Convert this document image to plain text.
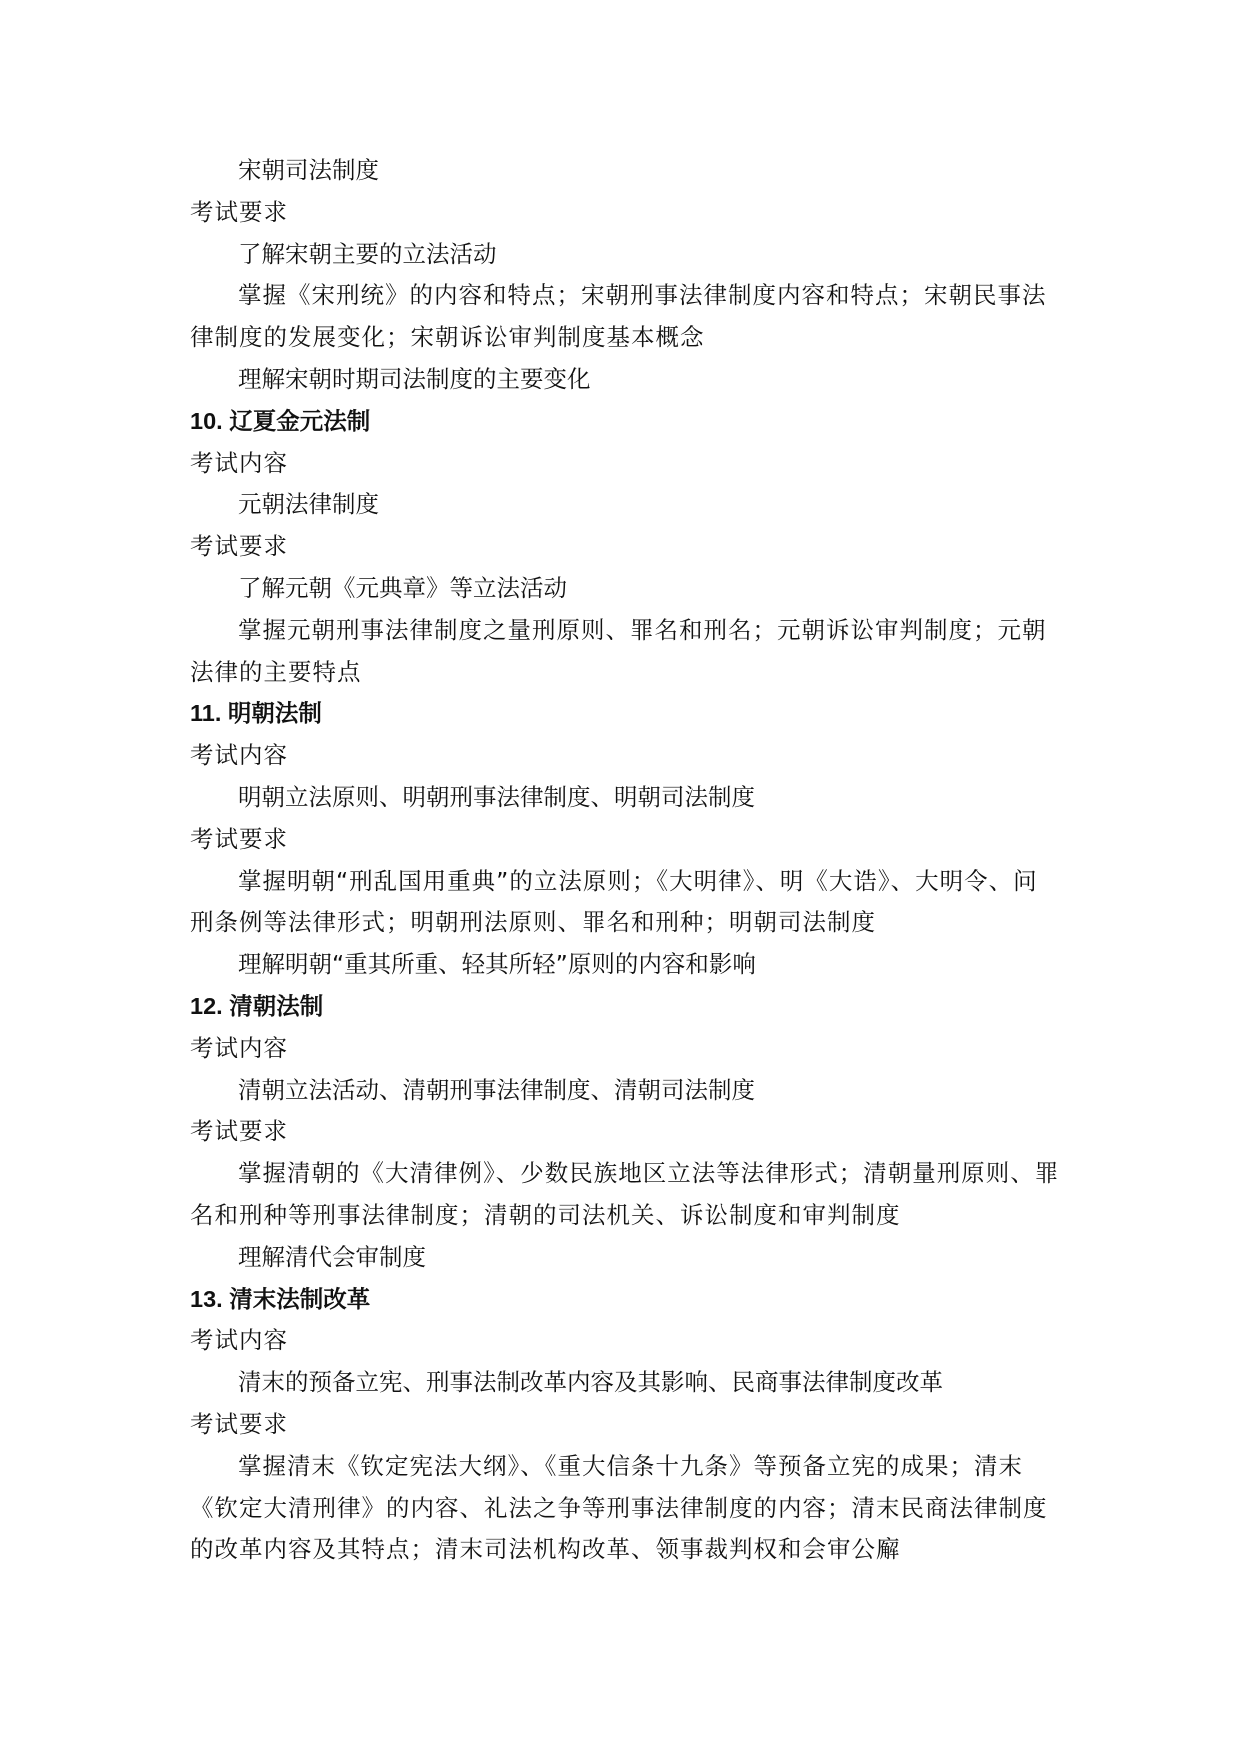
宋朝司法制度
考试要求
了解宋朝主要的立法活动
掌握《宋刑统》的内容和特点；宋朝刑事法律制度内容和特点；宋朝民事法律制度的发展变化；宋朝诉讼审判制度基本概念
理解宋朝时期司法制度的主要变化
10. 辽夏金元法制
考试内容
元朝法律制度
考试要求
了解元朝《元典章》等立法活动
掌握元朝刑事法律制度之量刑原则、罪名和刑名；元朝诉讼审判制度；元朝法律的主要特点
11. 明朝法制
考试内容
明朝立法原则、明朝刑事法律制度、明朝司法制度
考试要求
掌握明朝“刑乱国用重典”的立法原则；《大明律》、明《大诰》、大明令、问刑条例等法律形式；明朝刑法原则、罪名和刑种；明朝司法制度
理解明朝“重其所重、轻其所轻”原则的内容和影响
12. 清朝法制
考试内容
清朝立法活动、清朝刑事法律制度、清朝司法制度
考试要求
掌握清朝的《大清律例》、少数民族地区立法等法律形式；清朝量刑原则、罪名和刑种等刑事法律制度；清朝的司法机关、诉讼制度和审判制度
理解清代会审制度
13. 清末法制改革
考试内容
清末的预备立宪、刑事法制改革内容及其影响、民商事法律制度改革
考试要求
掌握清末《钦定宪法大纲》、《重大信条十九条》等预备立宪的成果；清末《钦定大清刑律》的内容、礼法之争等刑事法律制度的内容；清末民商法律制度的改革内容及其特点；清末司法机构改革、领事裁判权和会审公廨
